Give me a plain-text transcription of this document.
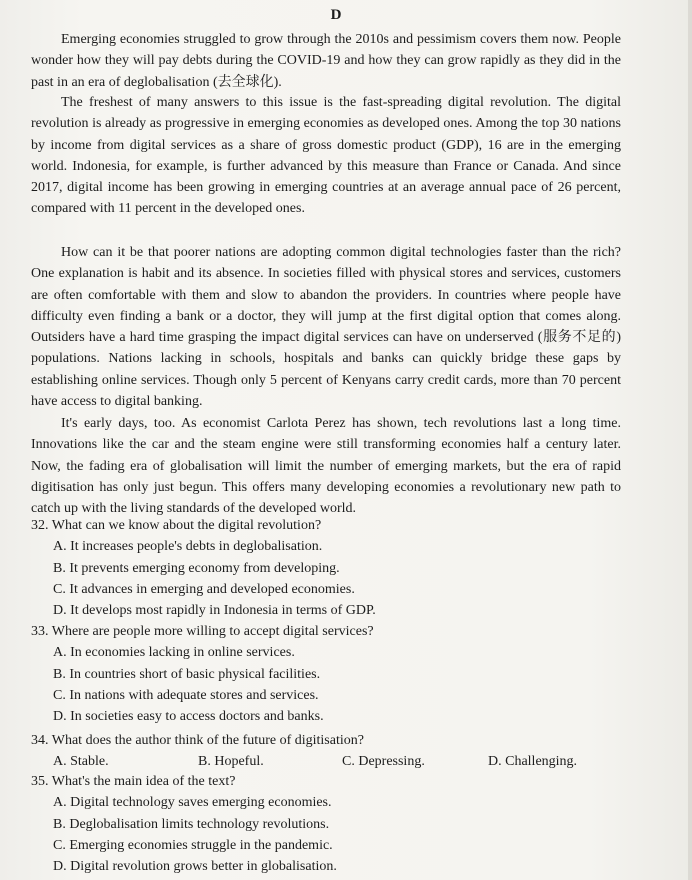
D

Emerging economies struggled to grow through the 2010s and pessimism covers them now. People wonder how they will pay debts during the COVID-19 and how they can grow rapidly as they did in the past in an era of deglobalisation (去全球化).

The freshest of many answers to this issue is the fast-spreading digital revolution. The digital revolution is already as progressive in emerging economies as developed ones. Among the top 30 nations by income from digital services as a share of gross domestic product (GDP), 16 are in the emerging world. Indonesia, for example, is further advanced by this measure than France or Canada. And since 2017, digital income has been growing in emerging countries at an average annual pace of 26 percent, compared with 11 percent in the developed ones.

How can it be that poorer nations are adopting common digital technologies faster than the rich? One explanation is habit and its absence. In societies filled with physical stores and services, customers are often comfortable with them and slow to abandon the providers. In countries where people have difficulty even finding a bank or a doctor, they will jump at the first digital option that comes along. Outsiders have a hard time grasping the impact digital services can have on underserved (服务不足的) populations. Nations lacking in schools, hospitals and banks can quickly bridge these gaps by establishing online services. Though only 5 percent of Kenyans carry credit cards, more than 70 percent have access to digital banking.

It's early days, too. As economist Carlota Perez has shown, tech revolutions last a long time. Innovations like the car and the steam engine were still transforming economies half a century later. Now, the fading era of globalisation will limit the number of emerging markets, but the era of rapid digitisation has only just begun. This offers many developing economies a revolutionary new path to catch up with the living standards of the developed world.

32. What can we know about the digital revolution?

A. It increases people's debts in deglobalisation.

B. It prevents emerging economy from developing.

C. It advances in emerging and developed economies.

D. It develops most rapidly in Indonesia in terms of GDP.

33. Where are people more willing to accept digital services?

A. In economies lacking in online services.

B. In countries short of basic physical facilities.

C. In nations with adequate stores and services.

D. In societies easy to access doctors and banks.

34. What does the author think of the future of digitisation?

A. Stable.	B. Hopeful.	C. Depressing.	D. Challenging.

35. What's the main idea of the text?

A. Digital technology saves emerging economies.

B. Deglobalisation limits technology revolutions.

C. Emerging economies struggle in the pandemic.

D. Digital revolution grows better in globalisation.
